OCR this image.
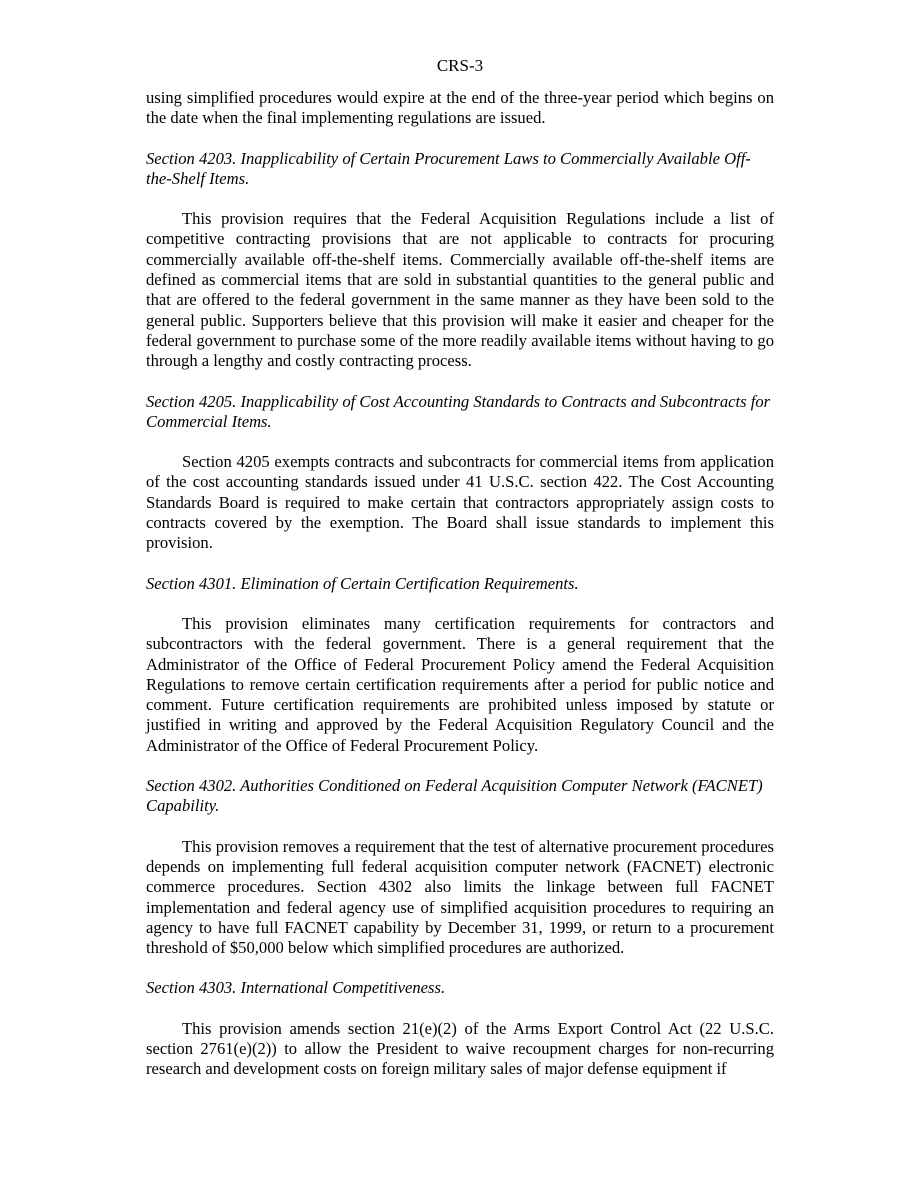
CRS-3

using simplified procedures would expire at the end of the three-year period which begins on the date when the final implementing regulations are issued.

Section 4203. Inapplicability of Certain Procurement Laws to Commercially Available Off-the-Shelf Items.

This provision requires that the Federal Acquisition Regulations include a list of competitive contracting provisions that are not applicable to contracts for procuring commercially available off-the-shelf items. Commercially available off-the-shelf items are defined as commercial items that are sold in substantial quantities to the general public and that are offered to the federal government in the same manner as they have been sold to the general public. Supporters believe that this provision will make it easier and cheaper for the federal government to purchase some of the more readily available items without having to go through a lengthy and costly contracting process.

Section 4205. Inapplicability of Cost Accounting Standards to Contracts and Subcontracts for Commercial Items.

Section 4205 exempts contracts and subcontracts for commercial items from application of the cost accounting standards issued under 41 U.S.C. section 422. The Cost Accounting Standards Board is required to make certain that contractors appropriately assign costs to contracts covered by the exemption. The Board shall issue standards to implement this provision.

Section 4301. Elimination of Certain Certification Requirements.

This provision eliminates many certification requirements for contractors and subcontractors with the federal government. There is a general requirement that the Administrator of the Office of Federal Procurement Policy amend the Federal Acquisition Regulations to remove certain certification requirements after a period for public notice and comment. Future certification requirements are prohibited unless imposed by statute or justified in writing and approved by the Federal Acquisition Regulatory Council and the Administrator of the Office of Federal Procurement Policy.

Section 4302. Authorities Conditioned on Federal Acquisition Computer Network (FACNET) Capability.

This provision removes a requirement that the test of alternative procurement procedures depends on implementing full federal acquisition computer network (FACNET) electronic commerce procedures. Section 4302 also limits the linkage between full FACNET implementation and federal agency use of simplified acquisition procedures to requiring an agency to have full FACNET capability by December 31, 1999, or return to a procurement threshold of $50,000 below which simplified procedures are authorized.

Section 4303. International Competitiveness.

This provision amends section 21(e)(2) of the Arms Export Control Act (22 U.S.C. section 2761(e)(2)) to allow the President to waive recoupment charges for non-recurring research and development costs on foreign military sales of major defense equipment if
